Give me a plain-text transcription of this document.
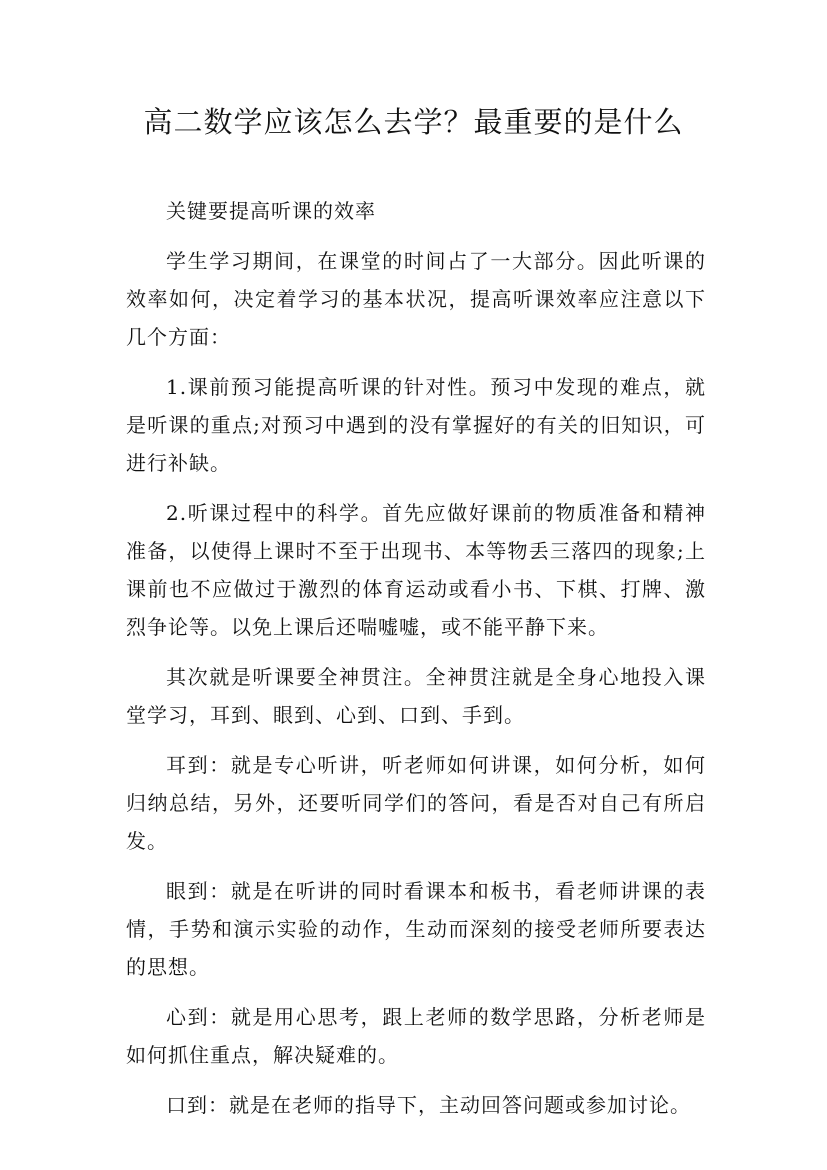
高二数学应该怎么去学？最重要的是什么

关键要提高听课的效率

学生学习期间，在课堂的时间占了一大部分。因此听课的效率如何，决定着学习的基本状况，提高听课效率应注意以下几个方面：

1.课前预习能提高听课的针对性。预习中发现的难点，就是听课的重点;对预习中遇到的没有掌握好的有关的旧知识，可进行补缺。

2.听课过程中的科学。首先应做好课前的物质准备和精神准备，以使得上课时不至于出现书、本等物丢三落四的现象;上课前也不应做过于激烈的体育运动或看小书、下棋、打牌、激烈争论等。以免上课后还喘嘘嘘，或不能平静下来。

其次就是听课要全神贯注。全神贯注就是全身心地投入课堂学习，耳到、眼到、心到、口到、手到。

耳到：就是专心听讲，听老师如何讲课，如何分析，如何归纳总结，另外，还要听同学们的答问，看是否对自己有所启发。

眼到：就是在听讲的同时看课本和板书，看老师讲课的表情，手势和演示实验的动作，生动而深刻的接受老师所要表达的思想。

心到：就是用心思考，跟上老师的数学思路，分析老师是如何抓住重点，解决疑难的。

口到：就是在老师的指导下，主动回答问题或参加讨论。
